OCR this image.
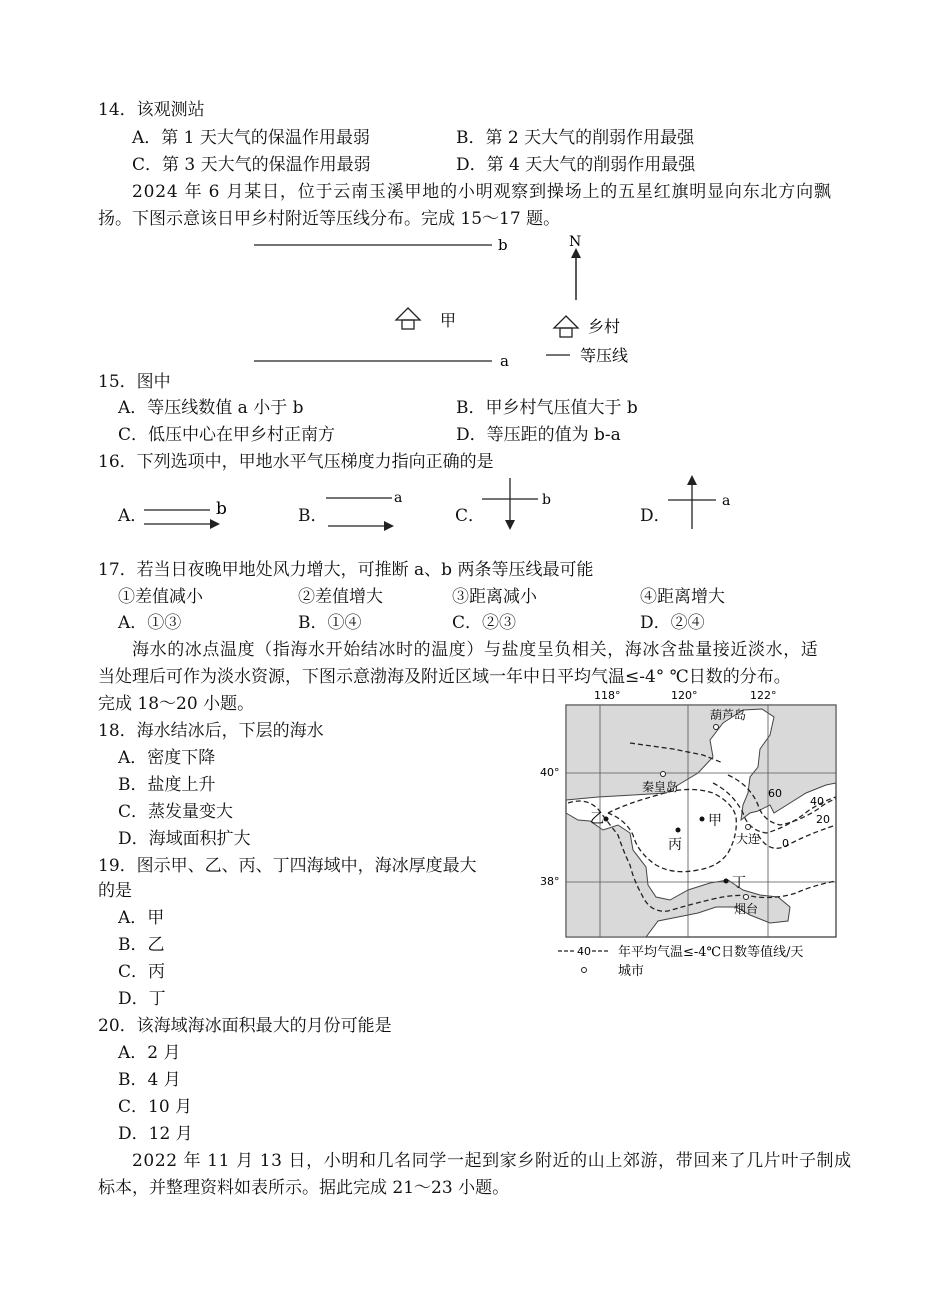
14．该观测站
A．第 1 天大气的保温作用最弱	B．第 2 天大气的削弱作用最强
C．第 3 天大气的保温作用最弱	D．第 4 天大气的削弱作用最强
2024 年 6 月某日，位于云南玉溪甲地的小明观察到操场上的五星红旗明显向东北方向飘
扬。下图示意该日甲乡村附近等压线分布。完成 15～17 题。
b
a
甲
N
乡村
等压线
15．图中
A．等压线数值 a 小于 b	B．甲乡村气压值大于 b
C．低压中心在甲乡村正南方	D．等压距的值为 b-a
16．下列选项中，甲地水平气压梯度力指向正确的是
A．	B．	C．	D．
b
a	b	a
17．若当日夜晚甲地处风力增大，可推断 a、b 两条等压线最可能
①差值减小	②差值增大	③距离减小	④距离增大
A．①③	B．①④	C．②③	D．②④
海水的冰点温度（指海水开始结冰时的温度）与盐度呈负相关，海冰含盐量接近淡水，适
当处理后可作为淡水资源，下图示意渤海及附近区域一年中日平均气温≤-4° ℃日数的分布。
完成 18～20 小题。
18．海水结冰后，下层的海水
A．密度下降
B．盐度上升
C．蒸发量变大
D．海域面积扩大
19．图示甲、乙、丙、丁四海域中，海冰厚度最大
的是
A．甲
B．乙
C．丙
D．丁
20．该海域海冰面积最大的月份可能是
A．2 月
B．4 月
C．10 月
D．12 月
2022 年 11 月 13 日，小明和几名同学一起到家乡附近的山上郊游，带回来了几片叶子制成
标本，并整理资料如表所示。据此完成 21～23 小题。
118°	120°	122°
40°
38°
60
40
20
0
葫芦岛
秦皇岛
大连
烟台
甲
乙
丙
丁
40 年平均气温≤-4℃日数等值线/天
城市
